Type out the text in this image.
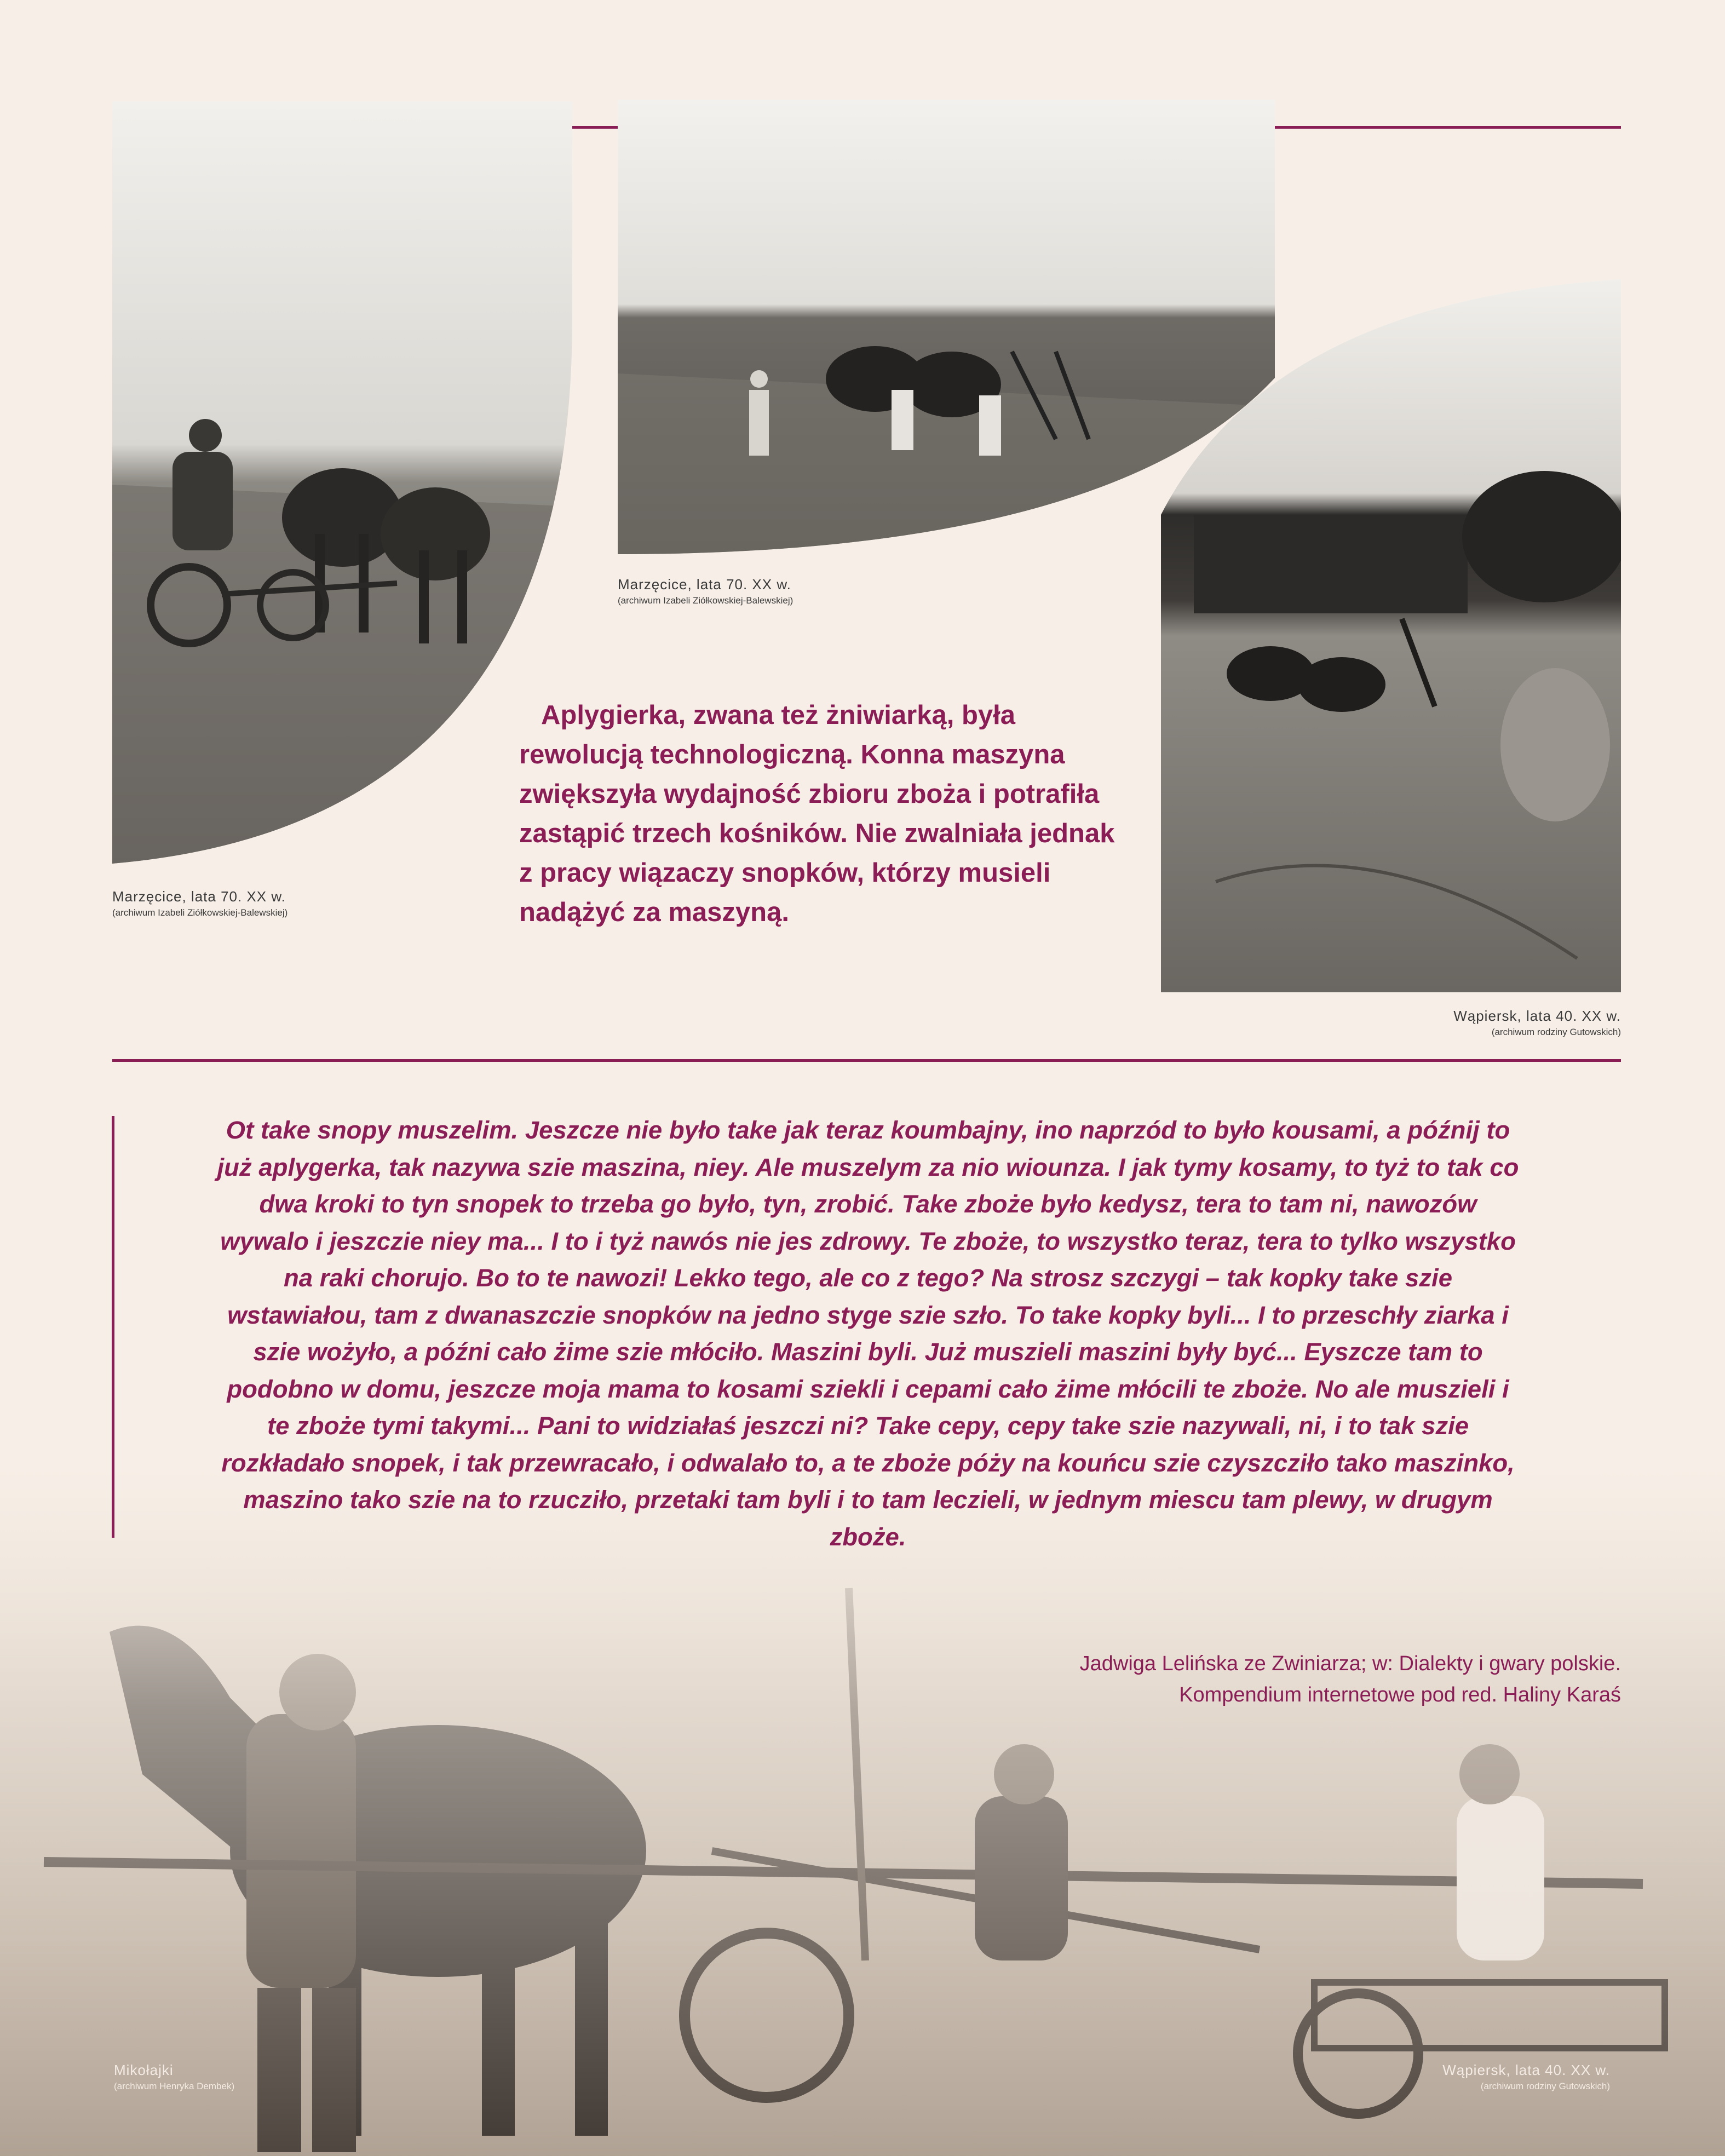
Marzęcice, lata 70. XX w.
(archiwum Izabeli Ziółkowskiej-Balewskiej)
Marzęcice, lata 70. XX w.
(archiwum Izabeli Ziółkowskiej-Balewskiej)
Wąpiersk, lata 40. XX w.
(archiwum rodziny Gutowskich)

Aplygierka, zwana też żniwiarką, była rewolucją technologiczną. Konna maszyna zwiększyła wydajność zbioru zboża i potrafiła zastąpić trzech kośników. Nie zwalniała jednak z pracy wiązaczy snopków, którzy musieli nadążyć za maszyną.

Ot take snopy muszelim. Jeszcze nie było take jak teraz koumbajny, ino naprzód to było kousami, a późnij to już aplygerka, tak nazywa szie maszina, niey. Ale muszelym za nio wiounza. I jak tymy kosamy, to tyż to tak co dwa kroki to tyn snopek to trzeba go było, tyn, zrobić. Take zboże było kedysz, tera to tam ni, nawozów wywalo i jeszczie niey ma... I to i tyż nawós nie jes zdrowy. Te zboże, to wszystko teraz, tera to tylko wszystko na raki chorujo. Bo to te nawozi! Lekko tego, ale co z tego? Na strosz szczygi – tak kopky take szie wstawiałou, tam z dwanaszczie snopków na jedno styge szie szło. To take kopky byli... I to przeschły ziarka i szie wożyło, a późni cało żime szie młóciło. Maszini byli. Już muszieli maszini były być... Eyszcze tam to podobno w domu, jeszcze moja mama to kosami sziekli i cepami cało żime młócili te zboże. No ale muszieli i te zboże tymi takymi... Pani to widziałaś jeszczi ni? Take cepy, cepy take szie nazywali, ni, i to tak szie rozkładało snopek, i tak przewracało, i odwalało to, a te zboże póży na kouńcu szie czyszcziło tako maszinko, maszino tako szie na to rzucziło, przetaki tam byli i to tam leczieli, w jednym miescu tam plewy, w drugym zboże.

Jadwiga Lelińska ze Zwiniarza; w: Dialekty i gwary polskie.
Kompendium internetowe pod red. Haliny Karaś
Mikołajki
(archiwum Henryka Dembek)
Wąpiersk, lata 40. XX w.
(archiwum rodziny Gutowskich)
